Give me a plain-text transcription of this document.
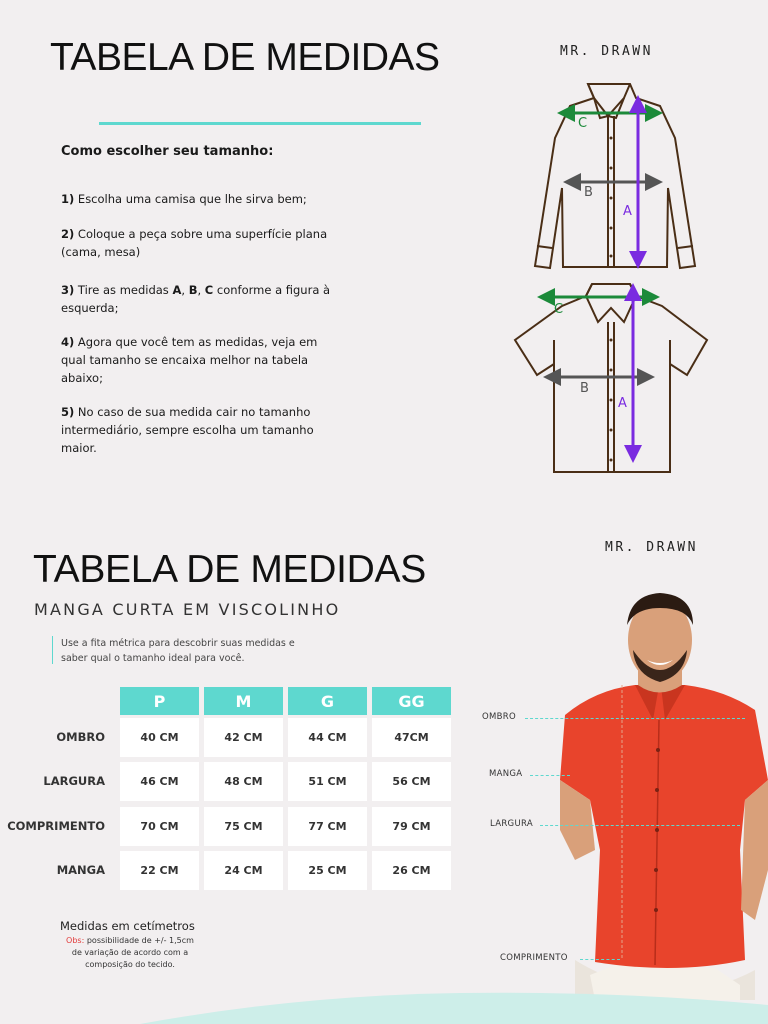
TABELA DE MEDIDAS	MR. DRAWN
Como escolher seu tamanho:
1) Escolha uma camisa que lhe sirva bem;
2) Coloque a peça sobre uma superfície plana (cama, mesa)
3) Tire as medidas A, B, C conforme a figura à esquerda;
4) Agora que você tem as medidas, veja em qual tamanho se encaixa melhor na tabela abaixo;
5) No caso de sua medida cair no tamanho intermediário, sempre escolha um tamanho maior.
C
B
A
C
B
A
TABELA DE MEDIDAS
MR. DRAWN
MANGA CURTA EM VISCOLINHO
Use a fita métrica para descobrir suas medidas e saber qual o tamanho ideal para você.
P	M	G	GG
OMBRO	40 CM	42 CM	44 CM	47CM
LARGURA	46 CM	48 CM	51 CM	56 CM
COMPRIMENTO	70 CM	75 CM	77 CM	79 CM
MANGA	22 CM	24 CM	25 CM	26 CM
Medidas em cetímetros
Obs: possibilidade de +/- 1,5cm de variação de acordo com a composição do tecido.
OMBRO
MANGA
LARGURA
COMPRIMENTO
